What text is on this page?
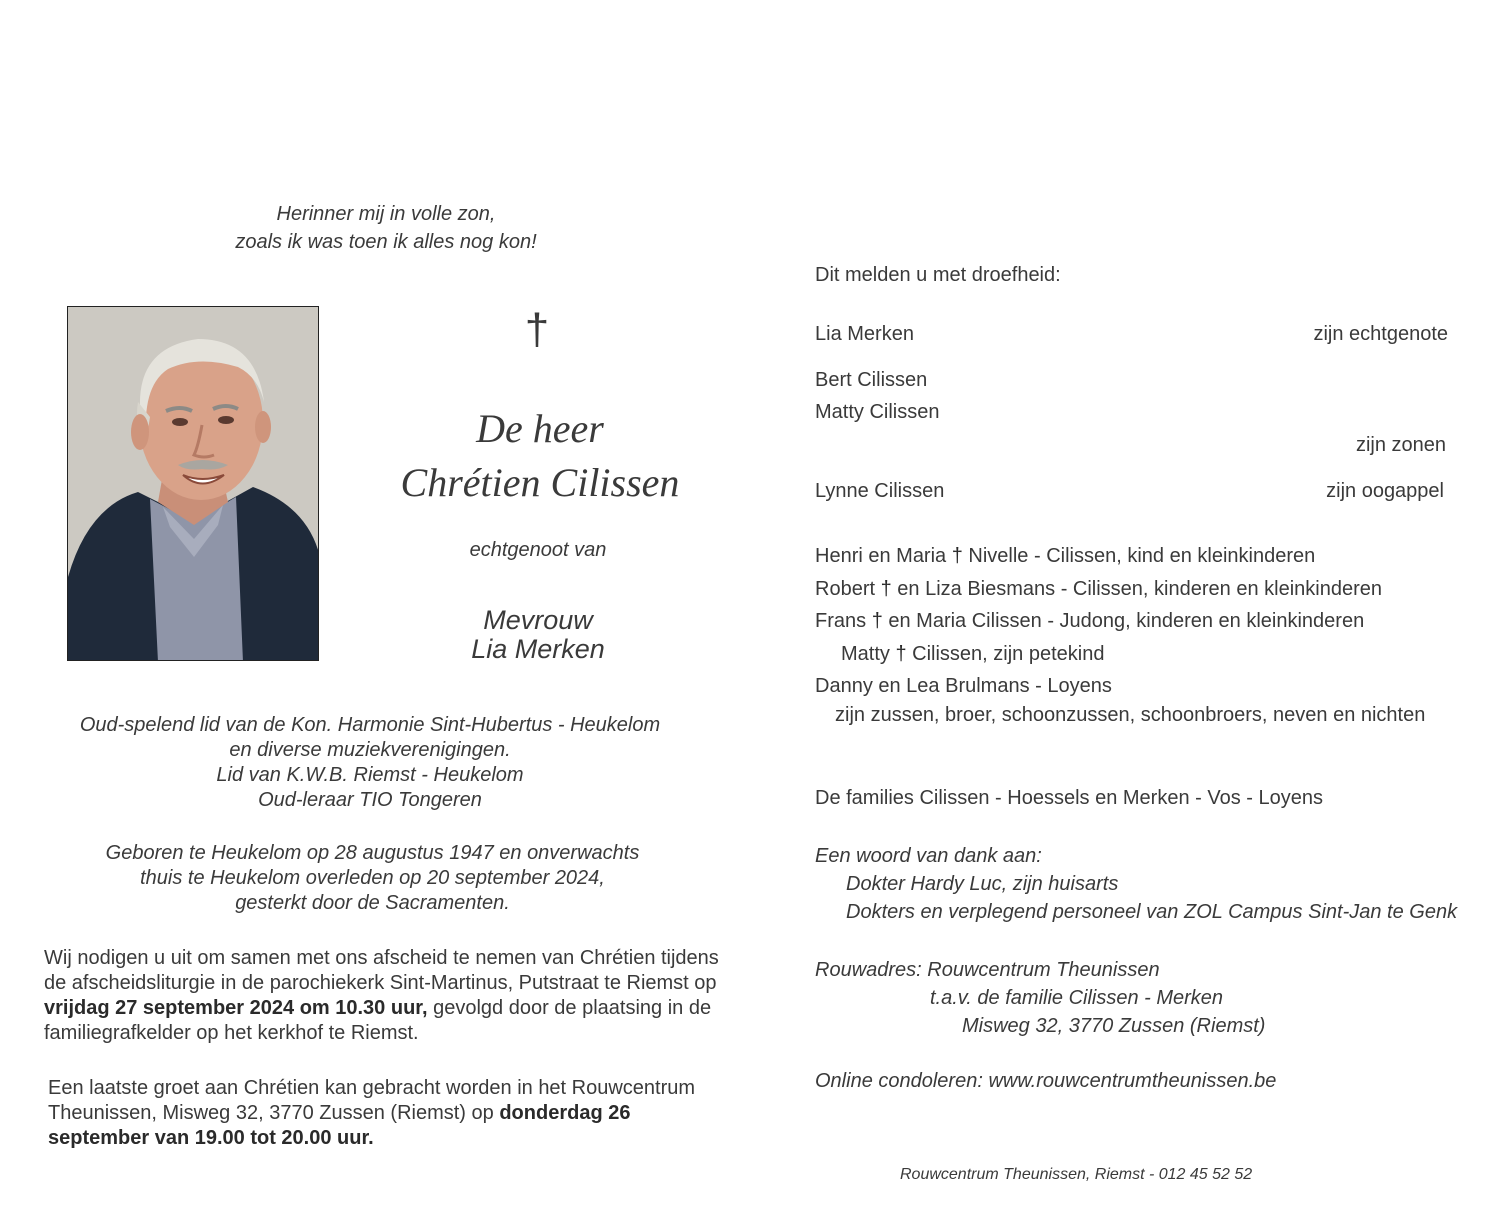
Herinner mij in volle zon,
zoals ik was toen ik alles nog kon!
†
De heer
Chrétien Cilissen
echtgenoot van
Mevrouw
Lia Merken
Oud-spelend lid van de Kon. Harmonie Sint-Hubertus - Heukelom
en diverse muziekverenigingen.
Lid van K.W.B. Riemst - Heukelom
Oud-leraar TIO Tongeren
Geboren te Heukelom op 28 augustus 1947 en onverwachts
thuis te Heukelom overleden op 20 september 2024,
gesterkt door de Sacramenten.
Wij nodigen u uit om samen met ons afscheid te nemen van Chrétien tijdens de afscheidsliturgie in de parochiekerk Sint-Martinus, Putstraat te Riemst op vrijdag 27 september 2024 om 10.30 uur, gevolgd door de plaatsing in de familiegrafkelder op het kerkhof te Riemst.
Een laatste groet aan Chrétien kan gebracht worden in het Rouwcentrum Theunissen, Misweg 32, 3770 Zussen (Riemst) op donderdag 26 september van 19.00 tot 20.00 uur.
Dit melden u met droefheid:
Lia Merken	zijn echtgenote
Bert Cilissen
Matty Cilissen
zijn zonen
Lynne Cilissen	zijn oogappel
Henri en Maria † Nivelle - Cilissen, kind en kleinkinderen
Robert † en Liza Biesmans - Cilissen, kinderen en kleinkinderen
Frans † en Maria Cilissen - Judong, kinderen en kleinkinderen
Matty † Cilissen, zijn petekind
Danny en Lea Brulmans - Loyens
zijn zussen, broer, schoonzussen, schoonbroers, neven en nichten
De families Cilissen - Hoessels en Merken - Vos - Loyens
Een woord van dank aan:
Dokter Hardy Luc, zijn huisarts
Dokters en verplegend personeel van ZOL Campus Sint-Jan te Genk
Rouwadres: Rouwcentrum Theunissen
t.a.v. de familie Cilissen - Merken
Misweg 32, 3770 Zussen (Riemst)
Online condoleren: www.rouwcentrumtheunissen.be
Rouwcentrum Theunissen, Riemst - 012 45 52 52
